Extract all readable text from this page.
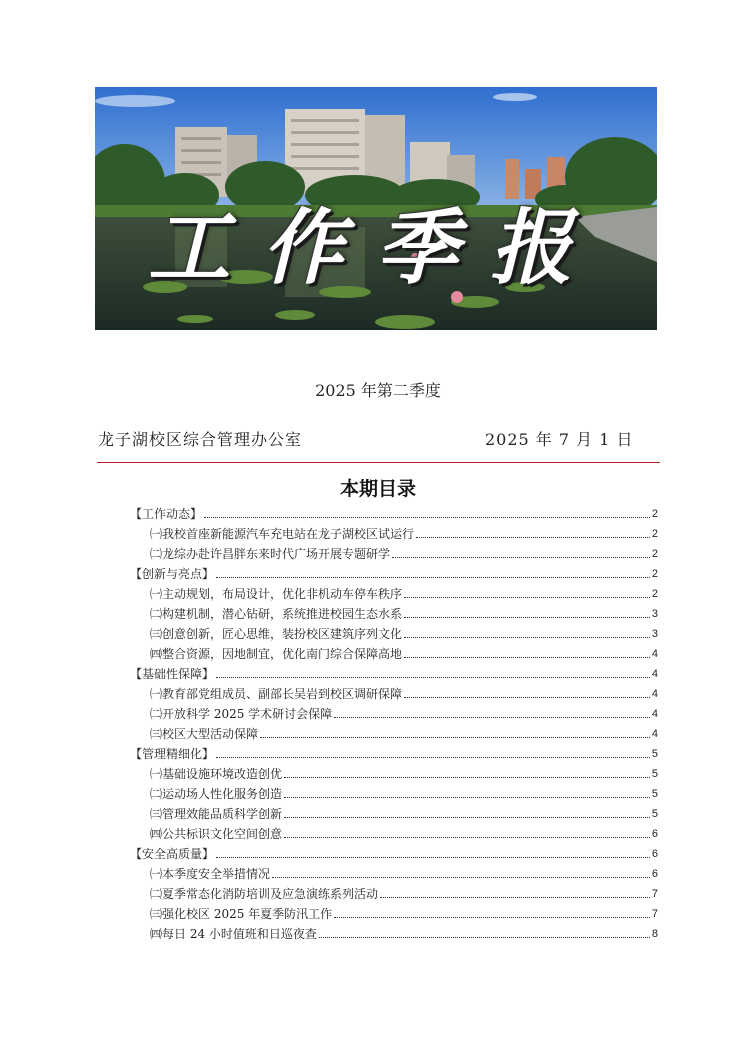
工作季报
2025 年第二季度
龙子湖校区综合管理办公室	2025 年 7 月 1 日
本期目录
【工作动态】	2
㈠我校首座新能源汽车充电站在龙子湖校区试运行	2
㈡龙综办赴许昌胖东来时代广场开展专题研学	2
【创新与亮点】	2
㈠主动规划，布局设计，优化非机动车停车秩序	2
㈡构建机制，潜心钻研，系统推进校园生态水系	3
㈢创意创新，匠心思维，装扮校区建筑序列文化	3
㈣整合资源，因地制宜，优化南门综合保障高地	4
【基础性保障】	4
㈠教育部党组成员、副部长吴岩到校区调研保障	4
㈡开放科学 2025 学术研讨会保障	4
㈢校区大型活动保障	4
【管理精细化】	5
㈠基础设施环境改造创优	5
㈡运动场人性化服务创造	5
㈢管理效能品质科学创新	5
㈣公共标识文化空间创意	6
【安全高质量】	6
㈠本季度安全举措情况	6
㈡夏季常态化消防培训及应急演练系列活动	7
㈢强化校区 2025 年夏季防汛工作	7
㈣每日 24 小时值班和日巡夜查	8
